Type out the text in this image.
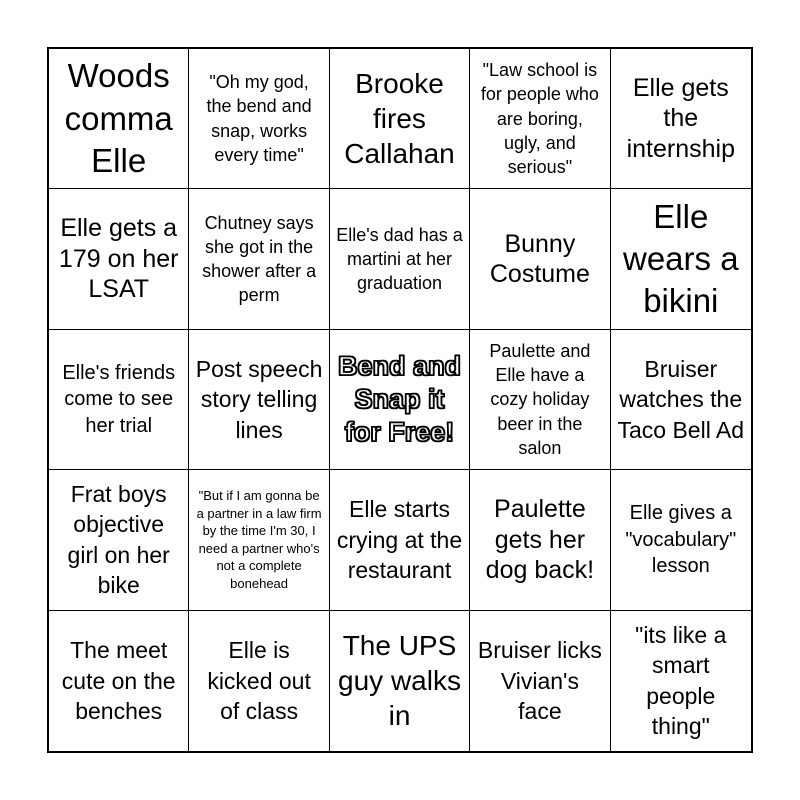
Woods comma Elle
"Oh my god, the bend and snap, works every time"
Brooke fires Callahan
"Law school is for people who are boring, ugly, and serious"
Elle gets the internship
Elle gets a 179 on her LSAT
Chutney says she got in the shower after a perm
Elle's dad has a martini at her graduation
Bunny Costume
Elle wears a bikini
Elle's friends come to see her trial
Post speech story telling lines
Bend and Snap it for Free!
Paulette and Elle have a cozy holiday beer in the salon
Bruiser watches the Taco Bell Ad
Frat boys objective girl on her bike
"But if I am gonna be a partner in a law firm by the time I'm 30, I need a partner who's not a complete bonehead
Elle starts crying at the restaurant
Paulette gets her dog back!
Elle gives a "vocabulary" lesson
The meet cute on the benches
Elle is kicked out of class
The UPS guy walks in
Bruiser licks Vivian's face
"its like a smart people thing"
